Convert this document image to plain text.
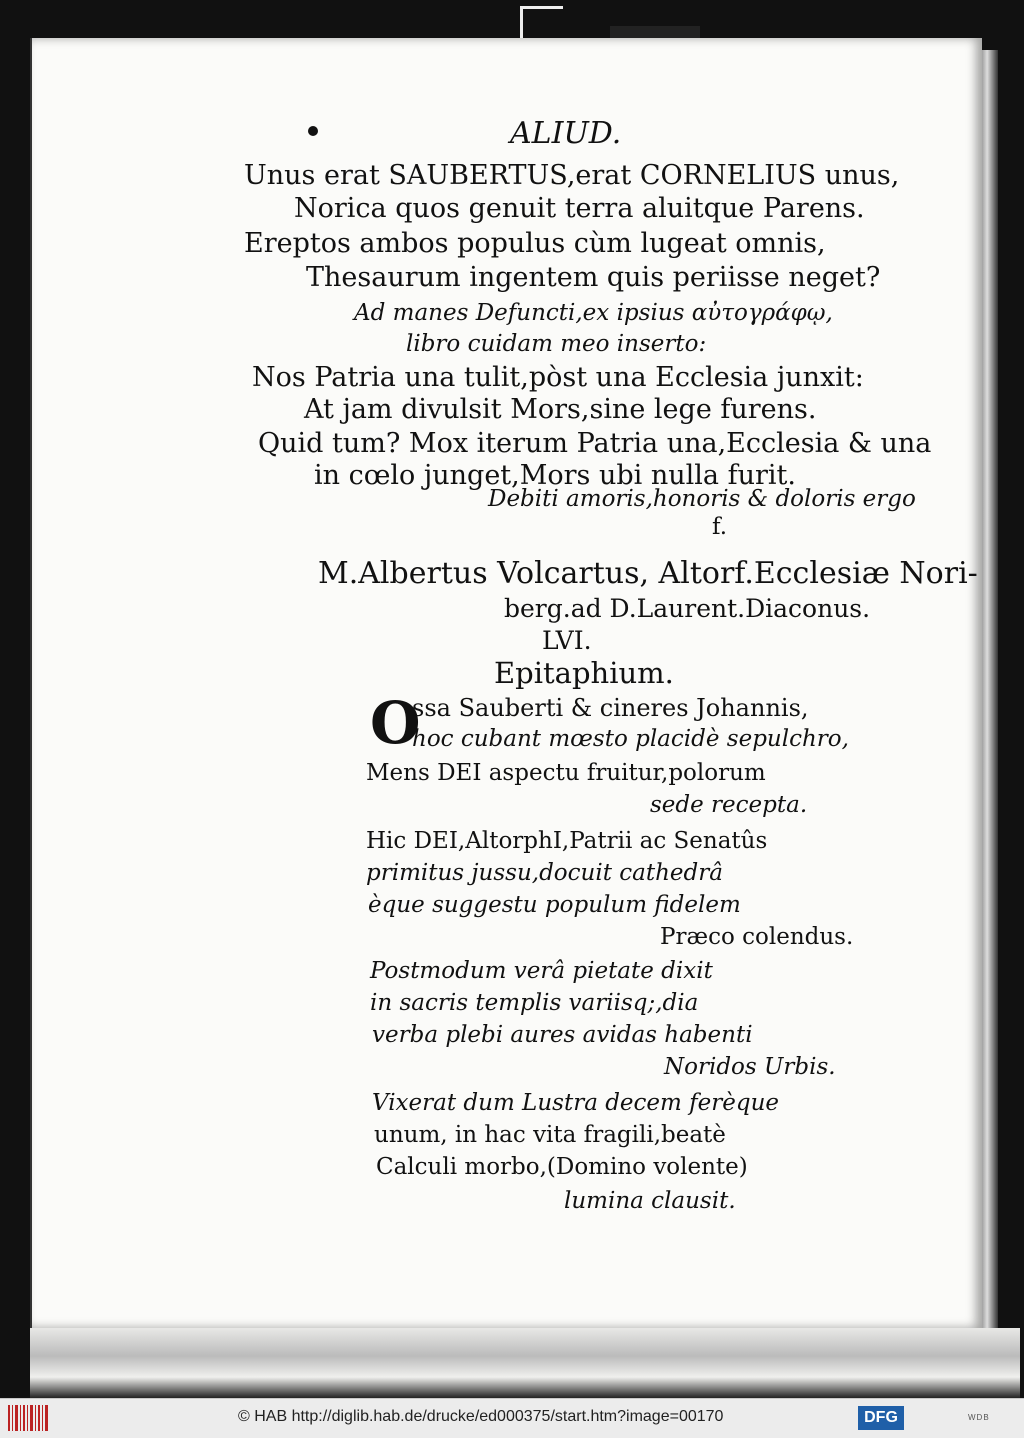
ALIUD.
Unus erat SAUBERTUS,erat CORNELIUS unus,
Norica quos genuit terra aluitque Parens.
Ereptos ambos populus cùm lugeat omnis,
Thesaurum ingentem quis periisse neget?
Ad manes Defuncti,ex ipsius αὐτογράφῳ,
libro cuidam meo inserto:
Nos Patria una tulit,pòst una Ecclesia junxit:
At jam divulsit Mors,sine lege furens.
Quid tum? Mox iterum Patria una,Ecclesia & una
in cœlo junget,Mors ubi nulla furit.
Debiti amoris,honoris & doloris ergo
f.
M.Albertus Volcartus, Altorf.Ecclesiæ Nori-
berg.ad D.Laurent.Diaconus.
LVI.
Epitaphium.
O
ssa Sauberti & cineres Johannis,
hoc cubant mœsto placidè sepulchro,
Mens DEI aspectu fruitur,polorum
sede recepta.
Hic DEI,AltorphI,Patrii ac Senatûs
primitus jussu,docuit cathedrâ
èque suggestu populum fidelem
Præco colendus.
Postmodum verâ pietate dixit
in sacris templis variisq;,dia
verba plebi aures avidas habenti
Noridos Urbis.
Vixerat dum Lustra decem ferèque
unum, in hac vita fragili,beatè
Calculi morbo,(Domino volente)
lumina clausit.
© HAB http://diglib.hab.de/drucke/ed000375/start.htm?image=00170	DFG	WDB
